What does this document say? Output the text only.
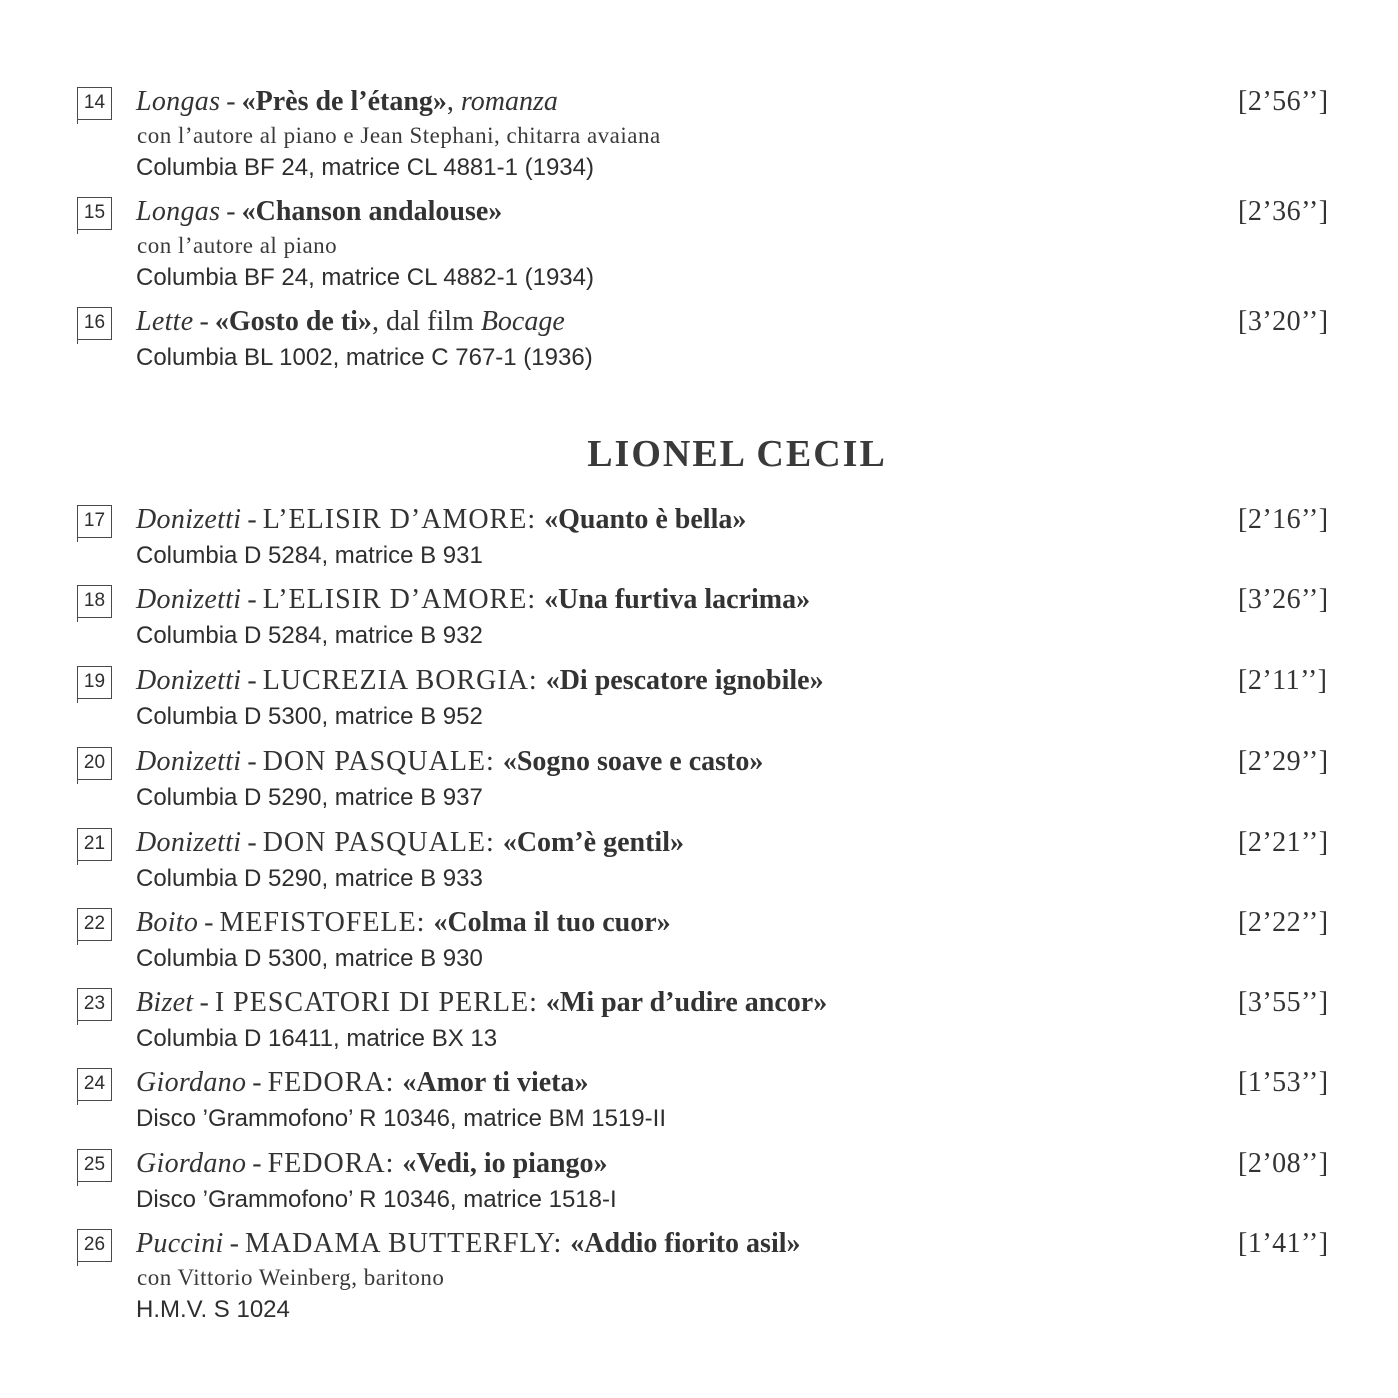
14 Longas - «Près de l’étang», romanza	[2’56’’]
con l’autore al piano e Jean Stephani, chitarra avaiana
Columbia BF 24, matrice CL 4881-1 (1934)
15 Longas - «Chanson andalouse»	[2’36’’]
con l’autore al piano
Columbia BF 24, matrice CL 4882-1 (1934)
16 Lette - «Gosto de ti», dal film Bocage	[3’20’’]
Columbia BL 1002, matrice C 767-1 (1936)
LIONEL CECIL
17 Donizetti - L’ELISIR D’AMORE: «Quanto è bella»	[2’16’’]
Columbia D 5284, matrice B 931
18 Donizetti - L’ELISIR D’AMORE: «Una furtiva lacrima»	[3’26’’]
Columbia D 5284, matrice B 932
19 Donizetti - LUCREZIA BORGIA: «Di pescatore ignobile»	[2’11’’]
Columbia D 5300, matrice B 952
20 Donizetti - DON PASQUALE: «Sogno soave e casto»	[2’29’’]
Columbia D 5290, matrice B 937
21 Donizetti - DON PASQUALE: «Com’è gentil»	[2’21’’]
Columbia D 5290, matrice B 933
22 Boito - MEFISTOFELE: «Colma il tuo cuor»	[2’22’’]
Columbia D 5300, matrice B 930
23 Bizet - I PESCATORI DI PERLE: «Mi par d’udire ancor»	[3’55’’]
Columbia D 16411, matrice BX 13
24 Giordano - FEDORA: «Amor ti vieta»	[1’53’’]
Disco ’Grammofono’ R 10346, matrice BM 1519-II
25 Giordano - FEDORA: «Vedi, io piango»	[2’08’’]
Disco ’Grammofono’ R 10346, matrice 1518-I
26 Puccini - MADAMA BUTTERFLY: «Addio fiorito asil»	[1’41’’]
con Vittorio Weinberg, baritono
H.M.V. S 1024
